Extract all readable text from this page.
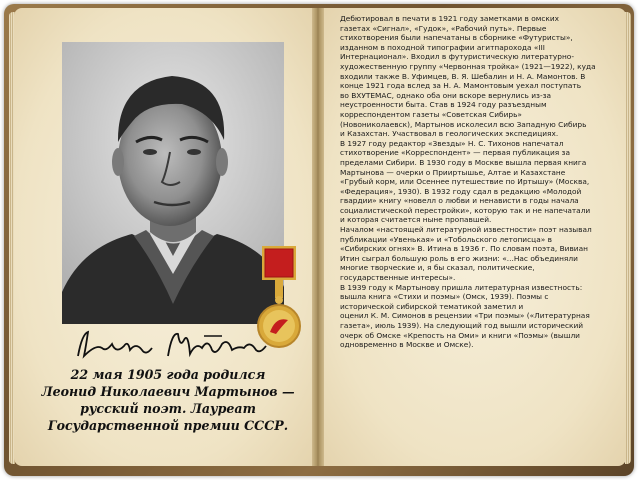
22 мая 1905 года родился
Леонид Николаевич Мартынов —
русский поэт. Лауреат
Государственной премии СССР.

Дебютировал в печати в 1921 году заметками в омских

газетах «Сигнал», «Гудок», «Рабочий путь». Первые

стихотворения были напечатаны в сборнике «Футуристы»,

изданном в походной типографии агитпарохода «III

Интернационал». Входил в футуристическую литературно-

художественную группу «Червонная тройка» (1921—1922), куда

входили также В. Уфимцев, В. Я. Шебалин и Н. А. Мамонтов. В

конце 1921 года вслед за Н. А. Мамонтовым уехал поступать

во ВХУТЕМАС, однако оба они вскоре вернулись из-за

неустроенности быта. Став в 1924 году разъездным

корреспондентом газеты «Советская Сибирь»

(Новониколаевск), Мартынов исколесил всю Западную Сибирь

и Казахстан. Участвовал в геологических экспедициях.

В 1927 году редактор «Звезды» Н. С. Тихонов напечатал

стихотворение «Корреспондент» — первая публикация за

пределами Сибири. В 1930 году в Москве вышла первая книга

Мартынова — очерки о Прииртышье, Алтае и Казахстане

«Грубый корм, или Осеннее путешествие по Иртышу» (Москва,

«Федерация», 1930). В 1932 году сдал в редакцию «Молодой

гвардии» книгу «новелл о любви и ненависти в годы начала

социалистической перестройки», которую так и не напечатали

и которая считается ныне пропавшей.

Началом «настоящей литературной известности» поэт называл

публикации «Увенькая» и «Тобольского летописца» в

«Сибирских огнях» В. Итина в 1936 г. По словам поэта, Вивиан

Итин сыграл большую роль в его жизни: «...Нас объединяли

многие творческие и, я бы сказал, политические,

государственные интересы».

В 1939 году к Мартынову пришла литературная известность:

вышла книга «Стихи и поэмы» (Омск, 1939). Поэмы с

исторической сибирской тематикой заметил и

оценил К. М. Симонов в рецензии «Три поэмы» («Литературная

газета», июль 1939). На следующий год вышли исторический

очерк об Омске «Крепость на Оми» и книги «Поэмы» (вышли

одновременно в Москве и Омске).
